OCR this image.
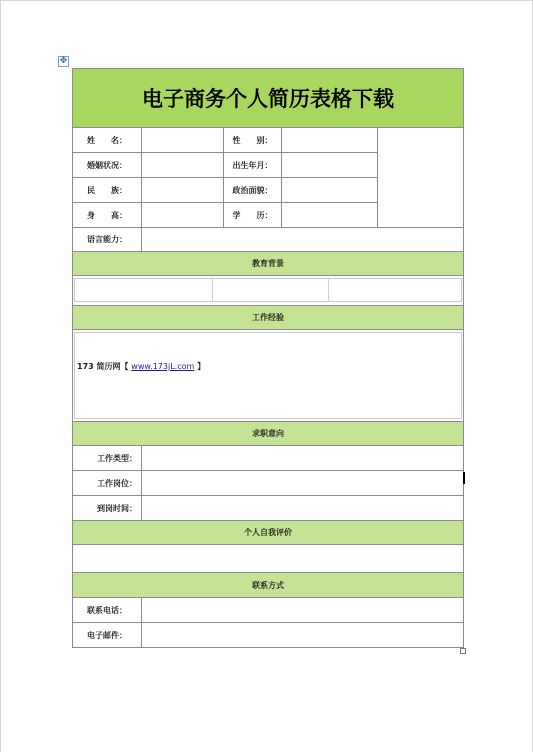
✥
电子商务个人简历表格下载
姓　　名：	性　　别：
婚姻状况：	出生年月：
民　　族：	政治面貌：
身　　高：	学　　历：
语言能力：
教育背景
工作经验
173 简历网【 www.173jL.com 】
求职意向
工作类型：
工作岗位：
到岗时间：
个人自我评价
联系方式
联系电话：
电子邮件：
